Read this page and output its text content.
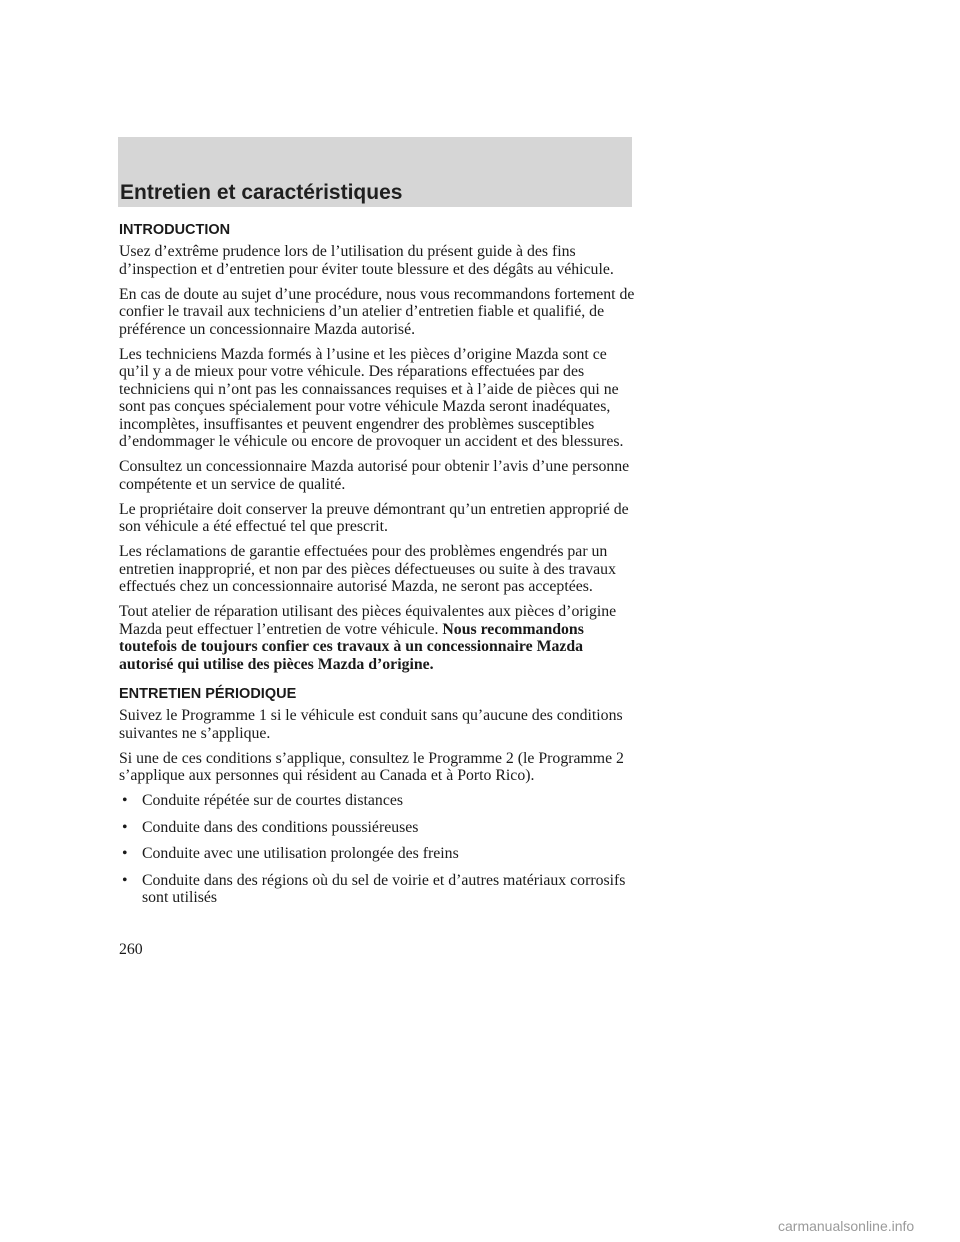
Entretien et caractéristiques
INTRODUCTION

Usez d’extrême prudence lors de l’utilisation du présent guide à des fins d’inspection et d’entretien pour éviter toute blessure et des dégâts au véhicule.

En cas de doute au sujet d’une procédure, nous vous recommandons fortement de confier le travail aux techniciens d’un atelier d’entretien fiable et qualifié, de préférence un concessionnaire Mazda autorisé.

Les techniciens Mazda formés à l’usine et les pièces d’origine Mazda sont ce qu’il y a de mieux pour votre véhicule. Des réparations effectuées par des techniciens qui n’ont pas les connaissances requises et à l’aide de pièces qui ne sont pas conçues spécialement pour votre véhicule Mazda seront inadéquates, incomplètes, insuffisantes et peuvent engendrer des problèmes susceptibles d’endommager le véhicule ou encore de provoquer un accident et des blessures.

Consultez un concessionnaire Mazda autorisé pour obtenir l’avis d’une personne compétente et un service de qualité.

Le propriétaire doit conserver la preuve démontrant qu’un entretien approprié de son véhicule a été effectué tel que prescrit.

Les réclamations de garantie effectuées pour des problèmes engendrés par un entretien inapproprié, et non par des pièces défectueuses ou suite à des travaux effectués chez un concessionnaire autorisé Mazda, ne seront pas acceptées.

Tout atelier de réparation utilisant des pièces équivalentes aux pièces d’origine Mazda peut effectuer l’entretien de votre véhicule. Nous recommandons toutefois de toujours confier ces travaux à un concessionnaire Mazda autorisé qui utilise des pièces Mazda d’origine.

ENTRETIEN PÉRIODIQUE

Suivez le Programme 1 si le véhicule est conduit sans qu’aucune des conditions suivantes ne s’applique.

Si une de ces conditions s’applique, consultez le Programme 2 (le Programme 2 s’applique aux personnes qui résident au Canada et à Porto Rico).

• Conduite répétée sur de courtes distances
• Conduite dans des conditions poussiéreuses
• Conduite avec une utilisation prolongée des freins
• Conduite dans des régions où du sel de voirie et d’autres matériaux corrosifs sont utilisés
260
carmanualsonline.info
